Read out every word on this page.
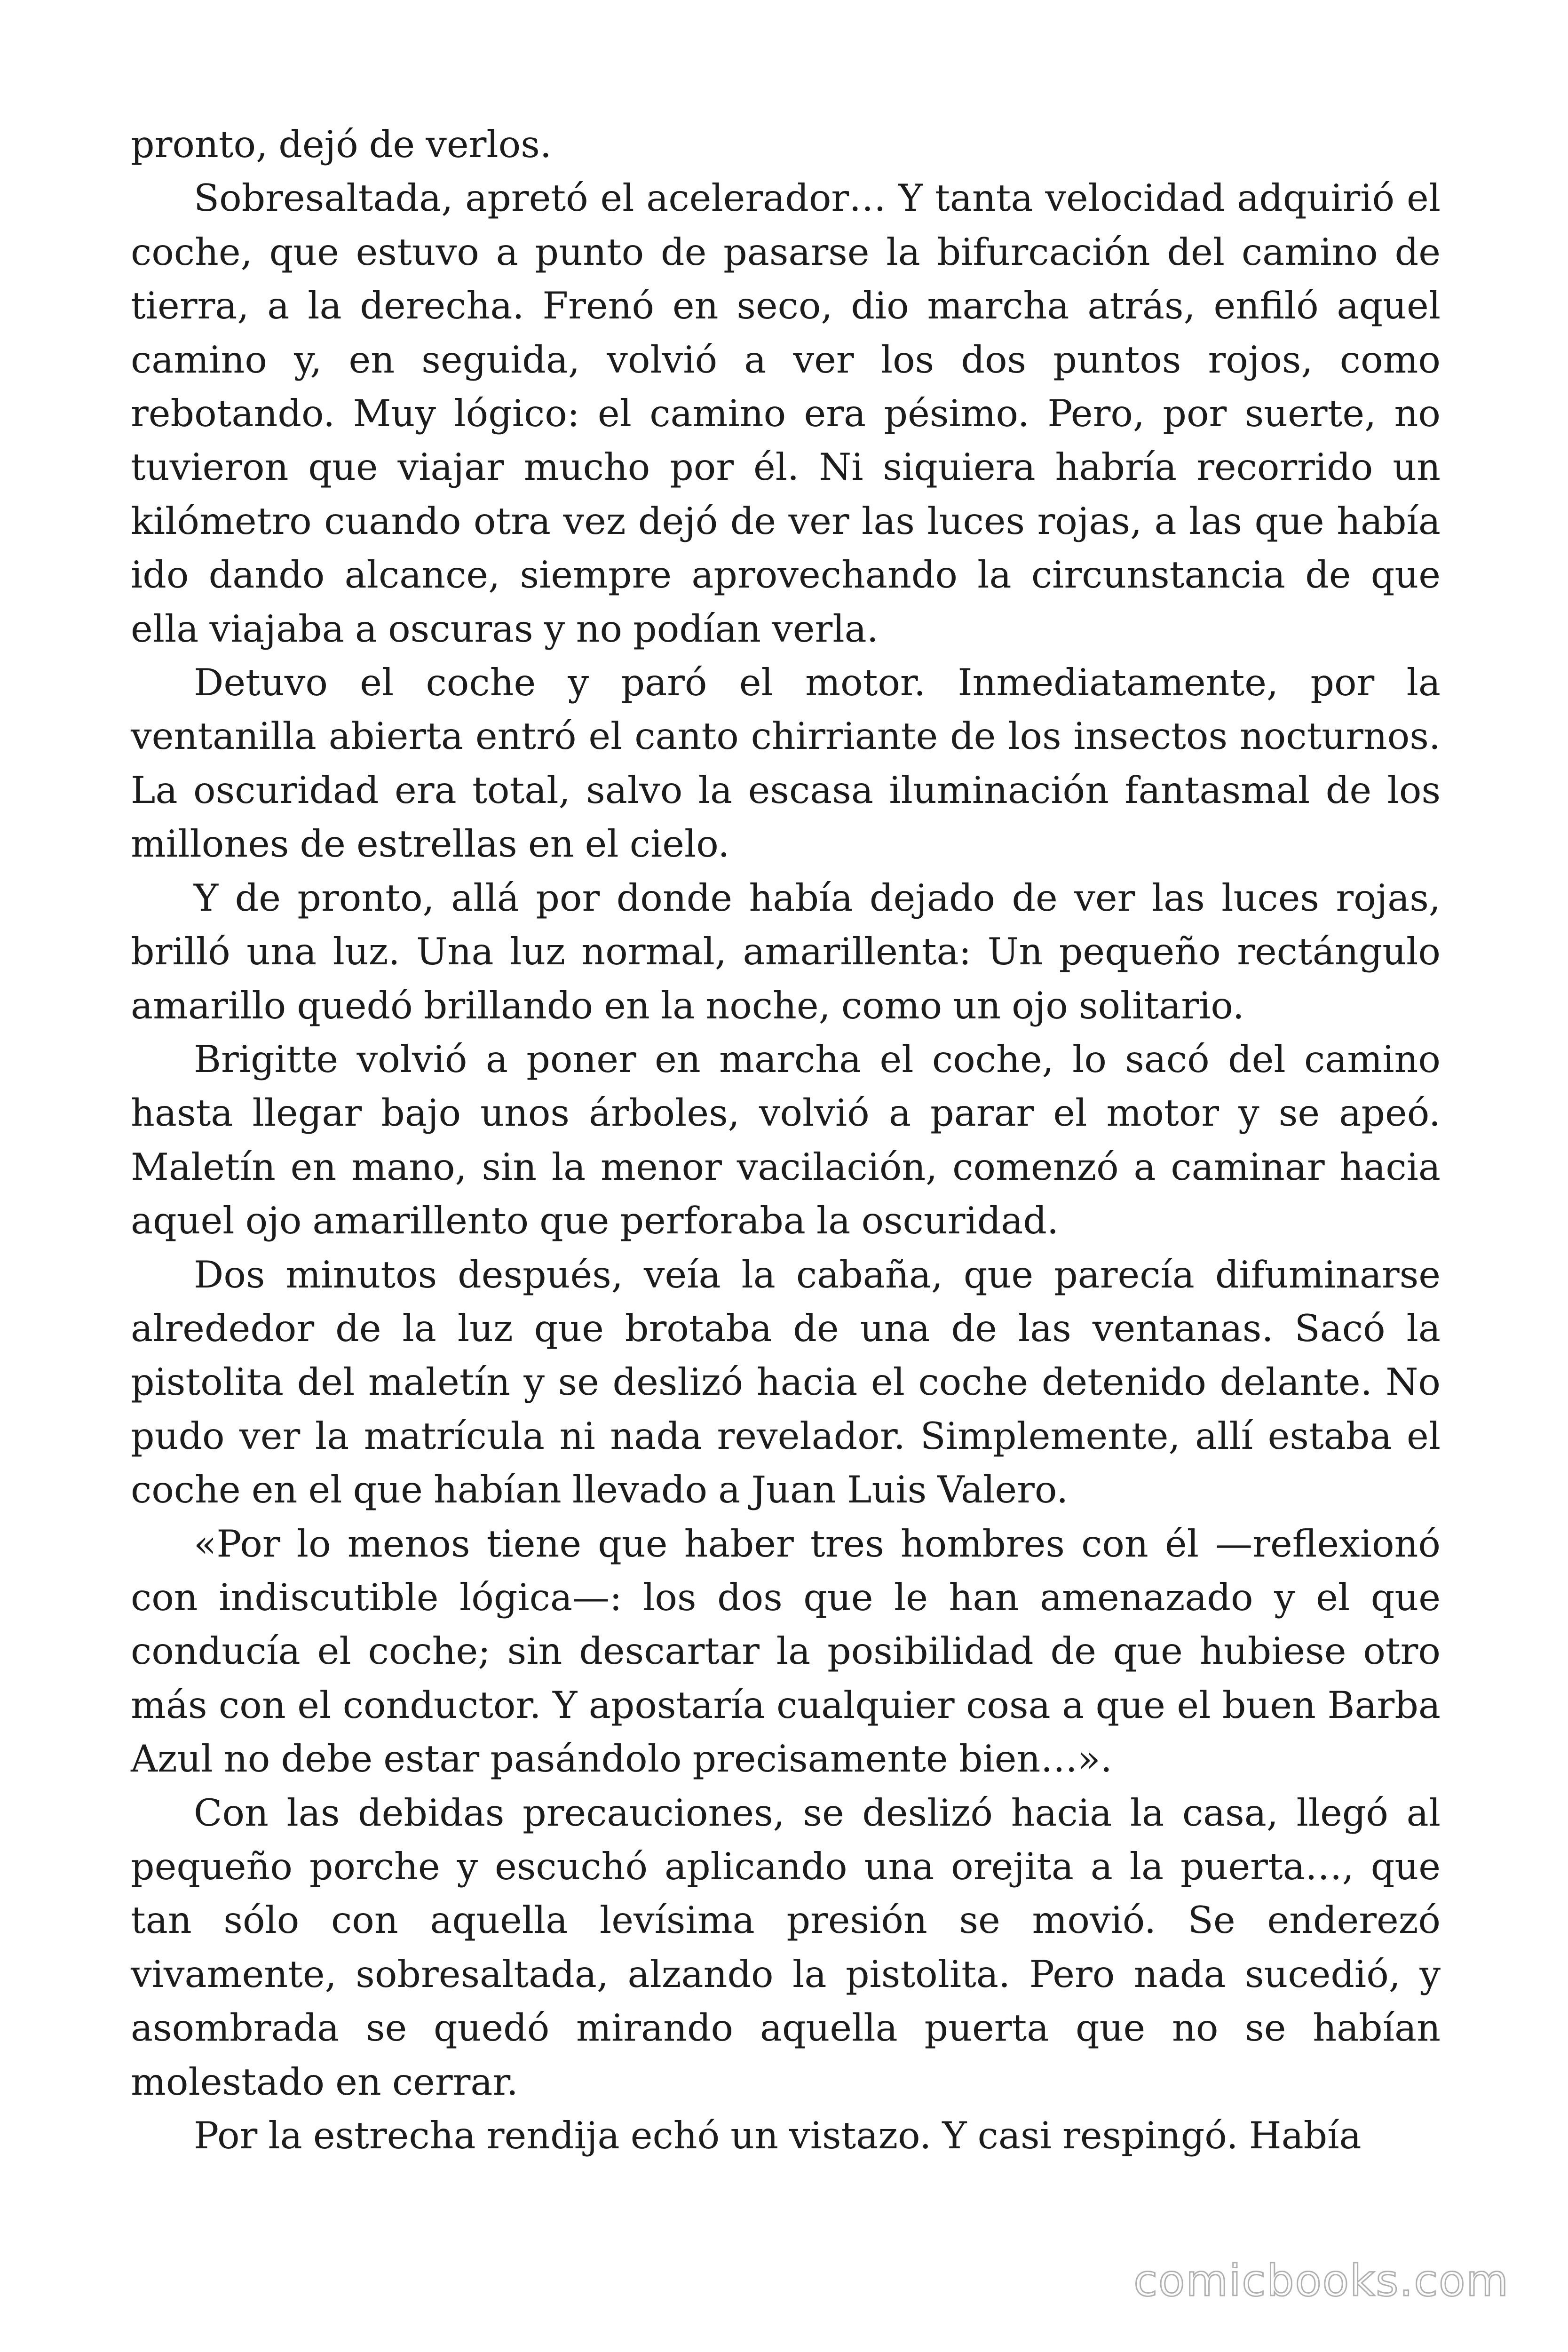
pronto, dejó de verlos.

Sobresaltada, apretó el acelerador… Y tanta velocidad adquirió el coche, que estuvo a punto de pasarse la bifurcación del camino de tierra, a la derecha. Frenó en seco, dio marcha atrás, enfiló aquel camino y, en seguida, volvió a ver los dos puntos rojos, como rebotando. Muy lógico: el camino era pésimo. Pero, por suerte, no tuvieron que viajar mucho por él. Ni siquiera habría recorrido un kilómetro cuando otra vez dejó de ver las luces rojas, a las que había ido dando alcance, siempre aprovechando la circunstancia de que ella viajaba a oscuras y no podían verla.

Detuvo el coche y paró el motor. Inmediatamente, por la ventanilla abierta entró el canto chirriante de los insectos nocturnos. La oscuridad era total, salvo la escasa iluminación fantasmal de los millones de estrellas en el cielo.

Y de pronto, allá por donde había dejado de ver las luces rojas, brilló una luz. Una luz normal, amarillenta: Un pequeño rectángulo amarillo quedó brillando en la noche, como un ojo solitario.

Brigitte volvió a poner en marcha el coche, lo sacó del camino hasta llegar bajo unos árboles, volvió a parar el motor y se apeó. Maletín en mano, sin la menor vacilación, comenzó a caminar hacia aquel ojo amarillento que perforaba la oscuridad.

Dos minutos después, veía la cabaña, que parecía difuminarse alrededor de la luz que brotaba de una de las ventanas. Sacó la pistolita del maletín y se deslizó hacia el coche detenido delante. No pudo ver la matrícula ni nada revelador. Simplemente, allí estaba el coche en el que habían llevado a Juan Luis Valero.

«Por lo menos tiene que haber tres hombres con él —reflexionó con indiscutible lógica—: los dos que le han amenazado y el que conducía el coche; sin descartar la posibilidad de que hubiese otro más con el conductor. Y apostaría cualquier cosa a que el buen Barba Azul no debe estar pasándolo precisamente bien…».

Con las debidas precauciones, se deslizó hacia la casa, llegó al pequeño porche y escuchó aplicando una orejita a la puerta…, que tan sólo con aquella levísima presión se movió. Se enderezó vivamente, sobresaltada, alzando la pistolita. Pero nada sucedió, y asombrada se quedó mirando aquella puerta que no se habían molestado en cerrar.

Por la estrecha rendija echó un vistazo. Y casi respingó. Había

comicbooks.com
